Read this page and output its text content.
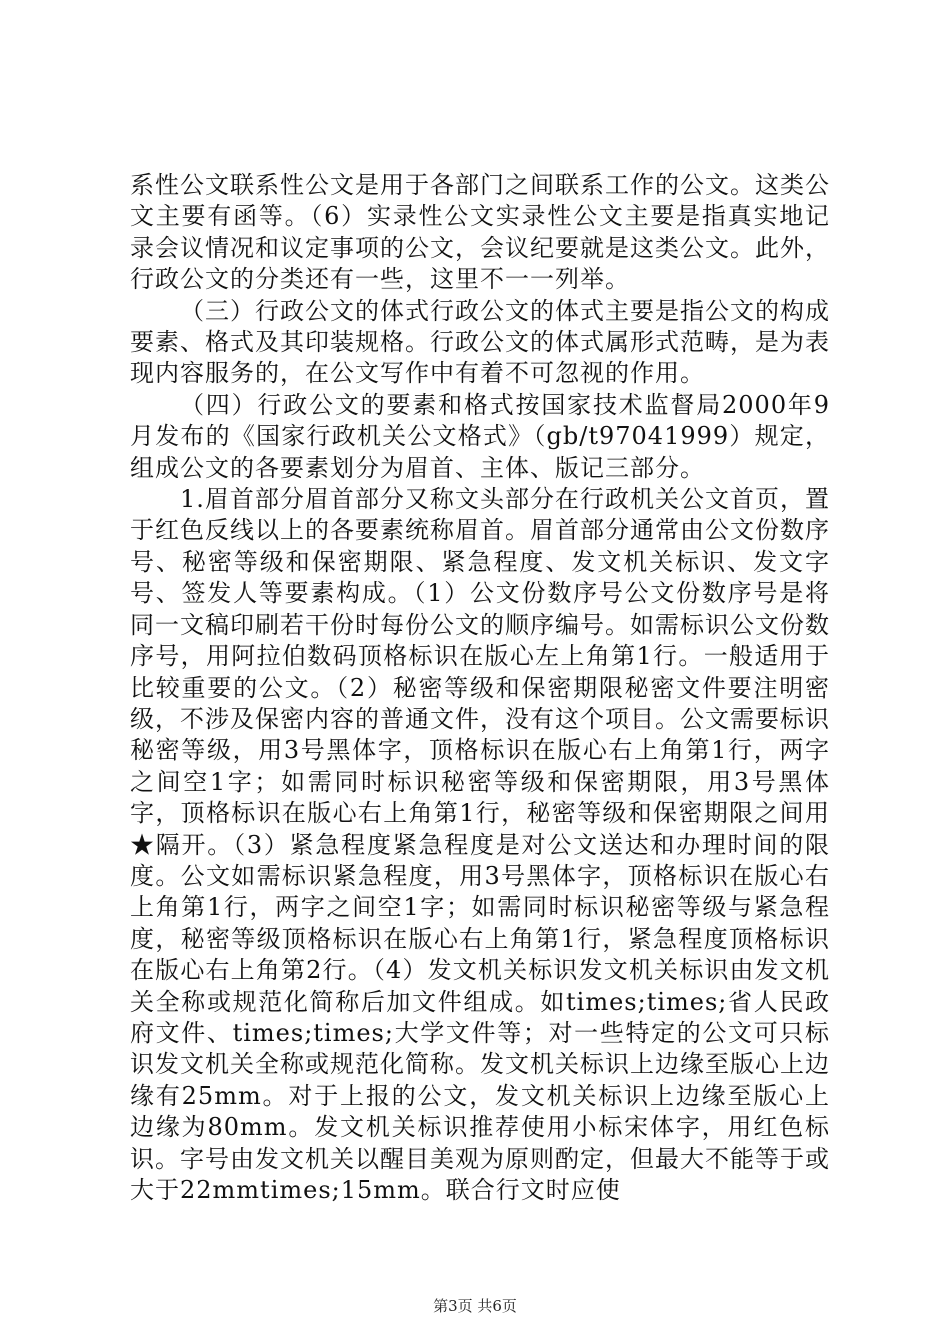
系性公文联系性公文是用于各部门之间联系工作的公文。这类公文主要有函等。（6）实录性公文实录性公文主要是指真实地记录会议情况和议定事项的公文，会议纪要就是这类公文。此外，行政公文的分类还有一些，这里不一一列举。

（三）行政公文的体式行政公文的体式主要是指公文的构成要素、格式及其印装规格。行政公文的体式属形式范畴，是为表现内容服务的，在公文写作中有着不可忽视的作用。

（四）行政公文的要素和格式按国家技术监督局2000年9月发布的《国家行政机关公文格式》（gb/t97041999）规定，组成公文的各要素划分为眉首、主体、版记三部分。

1.眉首部分眉首部分又称文头部分在行政机关公文首页，置于红色反线以上的各要素统称眉首。眉首部分通常由公文份数序号、秘密等级和保密期限、紧急程度、发文机关标识、发文字号、签发人等要素构成。（1）公文份数序号公文份数序号是将同一文稿印刷若干份时每份公文的顺序编号。如需标识公文份数序号，用阿拉伯数码顶格标识在版心左上角第1行。一般适用于比较重要的公文。（2）秘密等级和保密期限秘密文件要注明密级，不涉及保密内容的普通文件，没有这个项目。公文需要标识秘密等级，用3号黑体字，顶格标识在版心右上角第1行，两字之间空1字；如需同时标识秘密等级和保密期限，用3号黑体字，顶格标识在版心右上角第1行，秘密等级和保密期限之间用★隔开。（3）紧急程度紧急程度是对公文送达和办理时间的限度。公文如需标识紧急程度，用3号黑体字，顶格标识在版心右上角第1行，两字之间空1字；如需同时标识秘密等级与紧急程度，秘密等级顶格标识在版心右上角第1行，紧急程度顶格标识在版心右上角第2行。（4）发文机关标识发文机关标识由发文机关全称或规范化简称后加文件组成。如times;times;省人民政府文件、times;times;大学文件等；对一些特定的公文可只标识发文机关全称或规范化简称。发文机关标识上边缘至版心上边缘有25mm。对于上报的公文，发文机关标识上边缘至版心上边缘为80mm。发文机关标识推荐使用小标宋体字，用红色标识。字号由发文机关以醒目美观为原则酌定，但最大不能等于或大于22mmtimes;15mm。联合行文时应使

第3页 共6页
